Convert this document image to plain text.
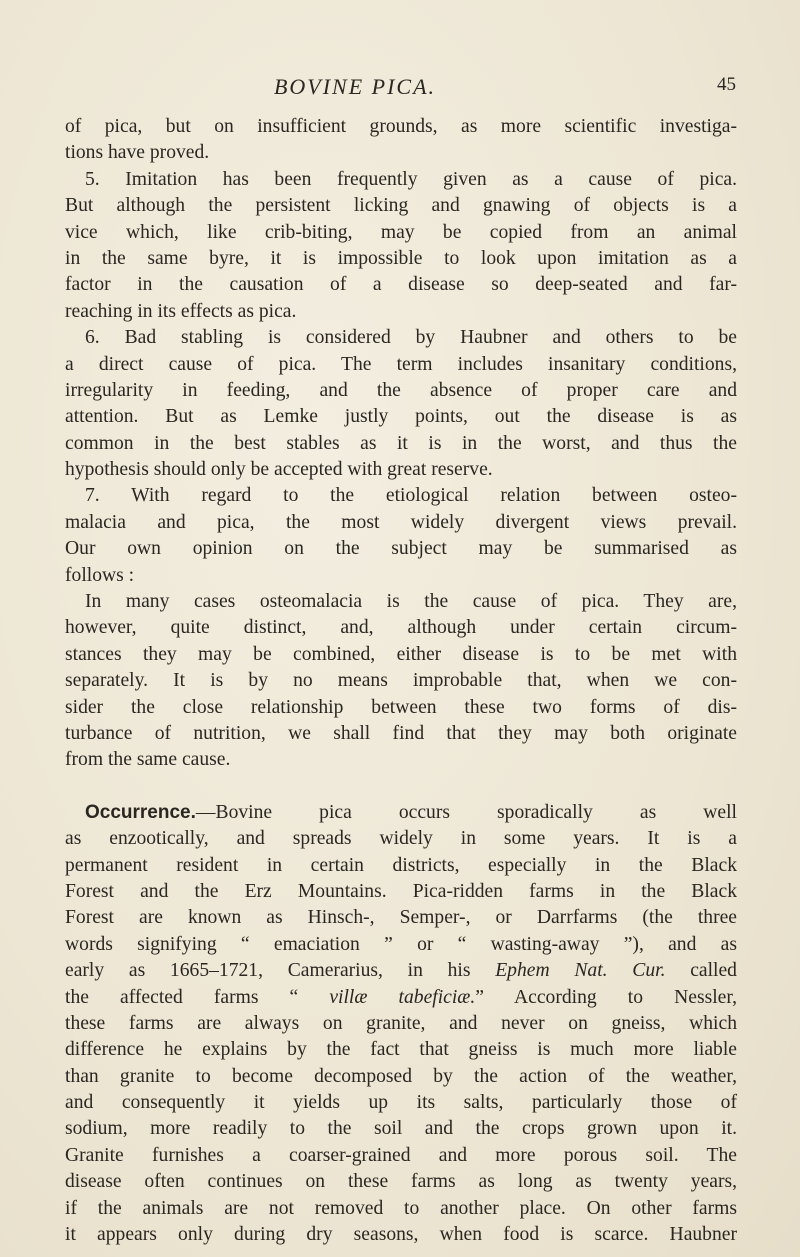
BOVINE PICA.	45
of pica, but on insufficient grounds, as more scientific investiga-
tions have proved.
5. Imitation has been frequently given as a cause of pica.
But although the persistent licking and gnawing of objects is a
vice which, like crib-biting, may be copied from an animal
in the same byre, it is impossible to look upon imitation as a
factor in the causation of a disease so deep-seated and far-
reaching in its effects as pica.
6. Bad stabling is considered by Haubner and others to be
a direct cause of pica. The term includes insanitary conditions,
irregularity in feeding, and the absence of proper care and
attention. But as Lemke justly points, out the disease is as
common in the best stables as it is in the worst, and thus the
hypothesis should only be accepted with great reserve.
7. With regard to the etiological relation between osteo-
malacia and pica, the most widely divergent views prevail.
Our own opinion on the subject may be summarised as
follows :
In many cases osteomalacia is the cause of pica. They are,
however, quite distinct, and, although under certain circum-
stances they may be combined, either disease is to be met with
separately. It is by no means improbable that, when we con-
sider the close relationship between these two forms of dis-
turbance of nutrition, we shall find that they may both originate
from the same cause.
Occurrence.—Bovine pica occurs sporadically as well
as enzootically, and spreads widely in some years. It is a
permanent resident in certain districts, especially in the Black
Forest and the Erz Mountains. Pica-ridden farms in the Black
Forest are known as Hinsch-, Semper-, or Darrfarms (the three
words signifying “ emaciation ” or “ wasting-away ”), and as
early as 1665–1721, Camerarius, in his Ephem Nat. Cur. called
the affected farms “ villæ tabeficiæ.” According to Nessler,
these farms are always on granite, and never on gneiss, which
difference he explains by the fact that gneiss is much more liable
than granite to become decomposed by the action of the weather,
and consequently it yields up its salts, particularly those of
sodium, more readily to the soil and the crops grown upon it.
Granite furnishes a coarser-grained and more porous soil. The
disease often continues on these farms as long as twenty years,
if the animals are not removed to another place. On other farms
it appears only during dry seasons, when food is scarce. Haubner
